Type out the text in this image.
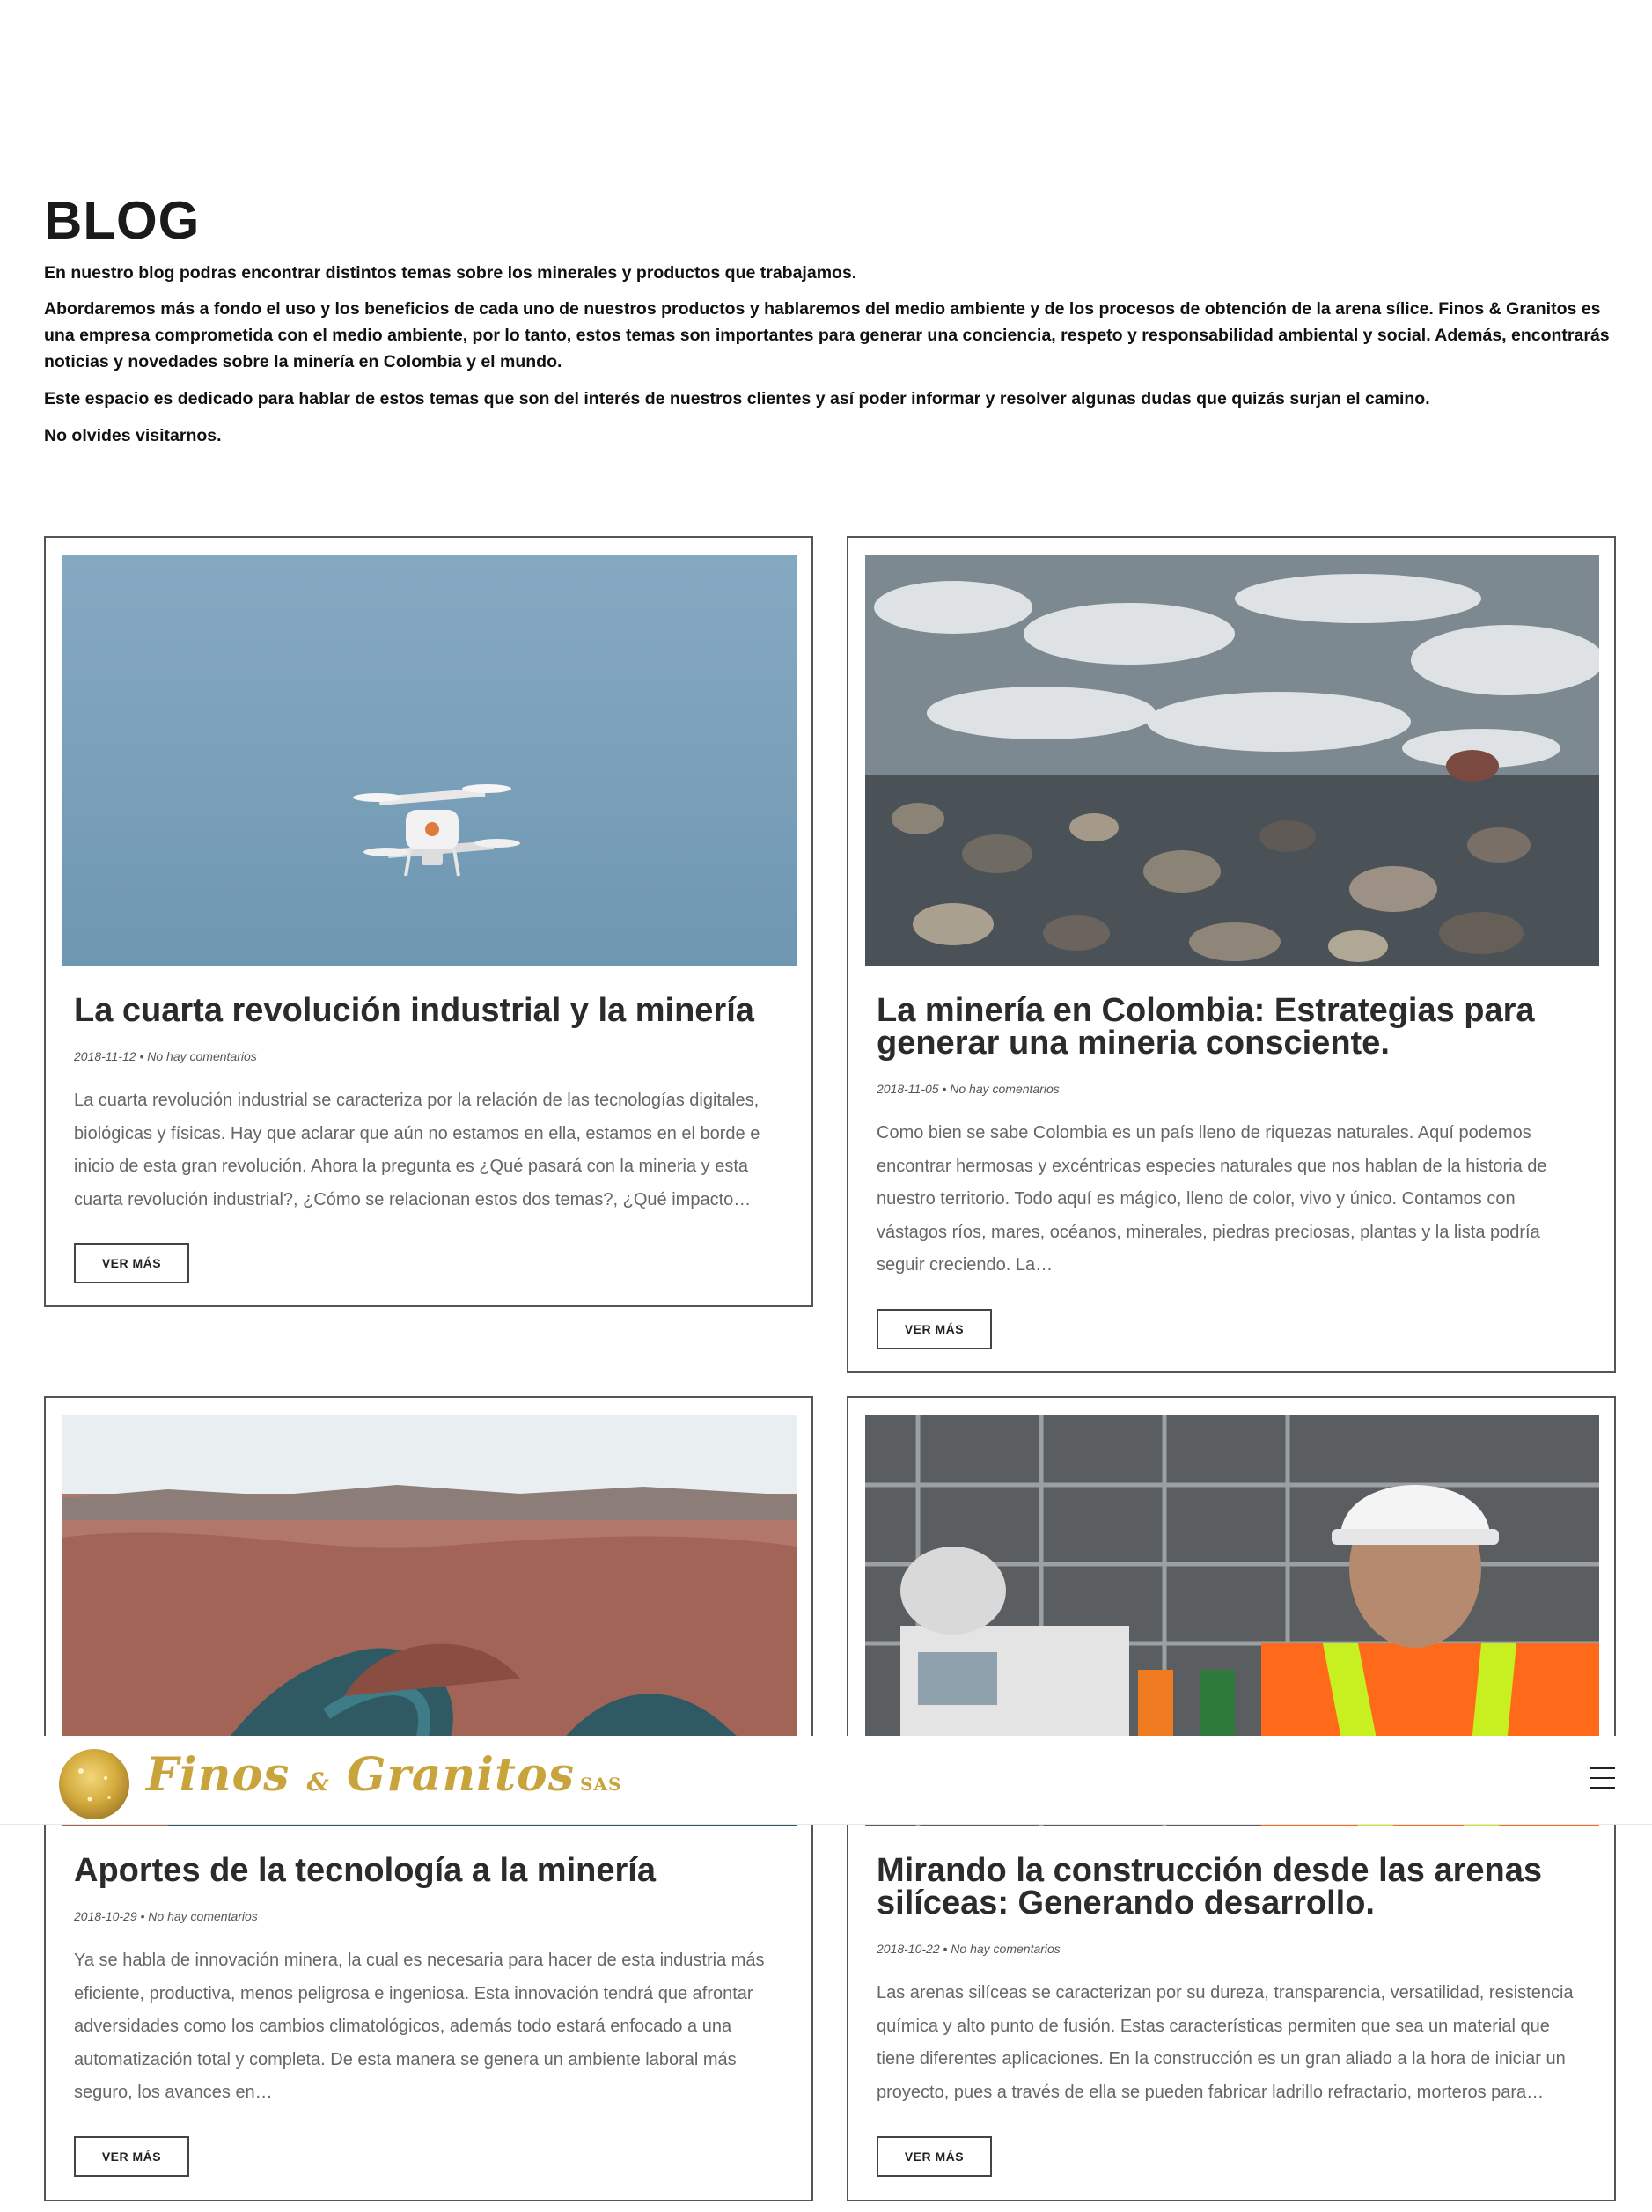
BLOG

En nuestro blog podras encontrar distintos temas sobre los minerales y productos que trabajamos.

Abordaremos más a fondo el uso y los beneficios de cada uno de nuestros productos y hablaremos del medio ambiente y de los procesos de obtención de la arena sílice. Finos & Granitos es una empresa comprometida con el medio ambiente, por lo tanto, estos temas son importantes para generar una conciencia, respeto y responsabilidad ambiental y social. Además, encontrarás noticias y novedades sobre la minería en Colombia y el mundo.

Este espacio es dedicado para hablar de estos temas que son del interés de nuestros clientes y así poder informar y resolver algunas dudas que quizás surjan el camino.

No olvides visitarnos.

La cuarta revolución industrial y la minería
2018-11-12 • No hay comentarios

La cuarta revolución industrial se caracteriza por la relación de las tecnologías digitales, biológicas y físicas. Hay que aclarar que aún no estamos en ella, estamos en el borde e inicio de esta gran revolución. Ahora la pregunta es ¿Qué pasará con la mineria y esta cuarta revolución industrial?, ¿Cómo se relacionan estos dos temas?, ¿Qué impacto…

VER MÁS
La minería en Colombia: Estrategias para generar una mineria consciente.
2018-11-05 • No hay comentarios

Como bien se sabe Colombia es un país lleno de riquezas naturales. Aquí podemos encontrar hermosas y excéntricas especies naturales que nos hablan de la historia de nuestro territorio. Todo aquí es mágico, lleno de color, vivo y único. Contamos con vástagos ríos, mares, océanos, minerales, piedras preciosas, plantas y la lista podría seguir creciendo. La…

VER MÁS
Aportes de la tecnología a la minería
2018-10-29 • No hay comentarios

Ya se habla de innovación minera, la cual es necesaria para hacer de esta industria más eficiente, productiva, menos peligrosa e ingeniosa. Esta innovación tendrá que afrontar adversidades como los cambios climatológicos, además todo estará enfocado a una automatización total y completa. De esta manera se genera un ambiente laboral más seguro, los avances en…

VER MÁS
Mirando la construcción desde las arenas silíceas: Generando desarrollo.
2018-10-22 • No hay comentarios

Las arenas silíceas se caracterizan por su dureza, transparencia, versatilidad, resistencia química y alto punto de fusión. Estas características permiten que sea un material que tiene diferentes aplicaciones. En la construcción es un gran aliado a la hora de iniciar un proyecto, pues a través de ella se pueden fabricar ladrillo refractario, morteros para…

VER MÁS
Finos & Granitos SAS
